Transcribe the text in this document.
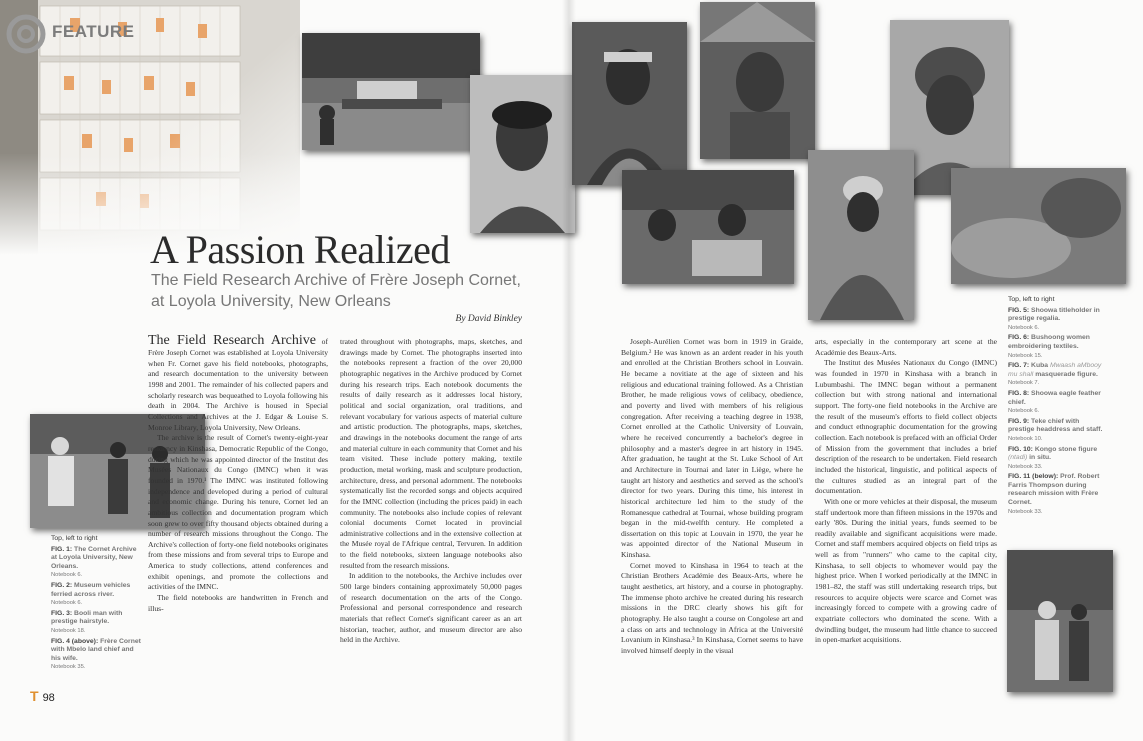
FEATURE
A Passion Realized
The Field Research Archive of Frère Joseph Cornet,
at Loyola University, New Orleans
By David Binkley

The Field Research Archive of Frère Joseph Cornet was established at Loyola University when Fr. Cornet gave his field notebooks, photographs, and research documentation to the university between 1998 and 2001. The remainder of his collected papers and scholarly research was bequeathed to Loyola following his death in 2004. The Archive is housed in Special Collections and Archives at the J. Edgar & Louise S. Monroe Library, Loyola University, New Orleans.

The archive is the result of Cornet's twenty-eight-year residency in Kinshasa, Democratic Republic of the Congo, during which he was appointed director of the Institut des Musées Nationaux du Congo (IMNC) when it was founded in 1970.¹ The IMNC was instituted following independence and developed during a period of cultural and economic change. During his tenure, Cornet led an ambitious collection and documentation program which soon grew to over fifty thousand objects obtained during a number of research missions throughout the Congo. The Archive's collection of forty-one field notebooks originates from these missions and from several trips to Europe and America to study collections, attend conferences and exhibit openings, and promote the collections and activities of the IMNC.

The field notebooks are handwritten in French and illus-

trated throughout with photographs, maps, sketches, and drawings made by Cornet. The photographs inserted into the notebooks represent a fraction of the over 20,000 photographic negatives in the Archive produced by Cornet during his research trips. Each notebook documents the results of daily research as it addresses local history, political and social organization, oral traditions, and relevant vocabulary for various aspects of material culture and artistic production. The photographs, maps, sketches, and drawings in the notebooks document the range of arts and material culture in each community that Cornet and his team visited. These include pottery making, textile production, metal working, mask and sculpture production, architecture, dress, and personal adornment. The notebooks systematically list the recorded songs and objects acquired for the IMNC collection (including the prices paid) in each community. The notebooks also include copies of relevant colonial documents Cornet located in provincial administrative collections and in the extensive collection at the Musée royal de l'Afrique central, Tervuren. In addition to the field notebooks, sixteen language notebooks also resulted from the research missions.

In addition to the notebooks, the Archive includes over 500 large binders containing approximately 50,000 pages of research documentation on the arts of the Congo. Professional and personal correspondence and research materials that reflect Cornet's significant career as an art historian, teacher, author, and museum director are also held in the Archive.

Joseph-Aurélien Cornet was born in 1919 in Graide, Belgium.² He was known as an ardent reader in his youth and enrolled at the Christian Brothers school in Louvain. He became a novitiate at the age of sixteen and his religious and educational training followed. As a Christian Brother, he made religious vows of celibacy, obedience, and poverty and lived with members of his religious congregation. After receiving a teaching degree in 1938, Cornet enrolled at the Catholic University of Louvain, where he received concurrently a bachelor's degree in philosophy and a master's degree in art history in 1945. After graduation, he taught at the St. Luke School of Art and Architecture in Tournai and later in Liège, where he taught art history and aesthetics and served as the school's director for two years. During this time, his interest in historical architecture led him to the study of the Romanesque cathedral at Tournai, whose building program began in the mid-twelfth century. He completed a dissertation on this topic at Louvain in 1970, the year he was appointed director of the National Museum in Kinshasa.

Cornet moved to Kinshasa in 1964 to teach at the Christian Brothers Académie des Beaux-Arts, where he taught aesthetics, art history, and a course in photography. The immense photo archive he created during his research missions in the DRC clearly shows his gift for photography. He also taught a course on Congolese art and a class on arts and technology in Africa at the Université Lovanium in Kinshasa.³ In Kinshasa, Cornet seems to have involved himself deeply in the visual

arts, especially in the contemporary art scene at the Académie des Beaux-Arts.

The Institut des Musées Nationaux du Congo (IMNC) was founded in 1970 in Kinshasa with a branch in Lubumbashi. The IMNC began without a permanent collection but with strong national and international support. The forty-one field notebooks in the Archive are the result of the museum's efforts to field collect objects and conduct ethnographic documentation for the growing collection. Each notebook is prefaced with an official Order of Mission from the government that includes a brief description of the research to be undertaken. Field research included the historical, linguistic, and political aspects of the cultures studied as an integral part of the documentation.

With one or more vehicles at their disposal, the museum staff undertook more than fifteen missions in the 1970s and early '80s. During the initial years, funds seemed to be readily available and significant acquisitions were made. Cornet and staff members acquired objects on field trips as well as from "runners" who came to the capital city, Kinshasa, to sell objects to whomever would pay the highest price. When I worked periodically at the IMNC in 1981–82, the staff was still undertaking research trips, but resources to acquire objects were scarce and Cornet was increasingly forced to compete with a growing cadre of expatriate collectors who dominated the scene. With a dwindling budget, the museum had little chance to succeed in open-market acquisitions.

Top, left to right
FIG. 1: The Cornet Archive at Loyola University, New Orleans.
Notebook 6.
FIG. 2: Museum vehicles ferried across river.
Notebook 6.
FIG. 3: Booli man with prestige hairstyle.
Notebook 18.
FIG. 4 (above): Frère Cornet with Mbelo land chief and his wife.
Notebook 35.
Top, left to right
FIG. 5: Shoowa titleholder in prestige regalia.
Notebook 6.
FIG. 6: Bushoong women embroidering textiles.
Notebook 15.
FIG. 7: Kuba Mwaash aMbooy mu shall masquerade figure.
Notebook 7.
FIG. 8: Shoowa eagle feather chief.
Notebook 6.
FIG. 9: Teke chief with prestige headdress and staff.
Notebook 10.
FIG. 10: Kongo stone figure (ntadi) in situ.
Notebook 33.
FIG. 11 (below): Prof. Robert Farris Thompson during research mission with Frère Cornet.
Notebook 33.
T 98
